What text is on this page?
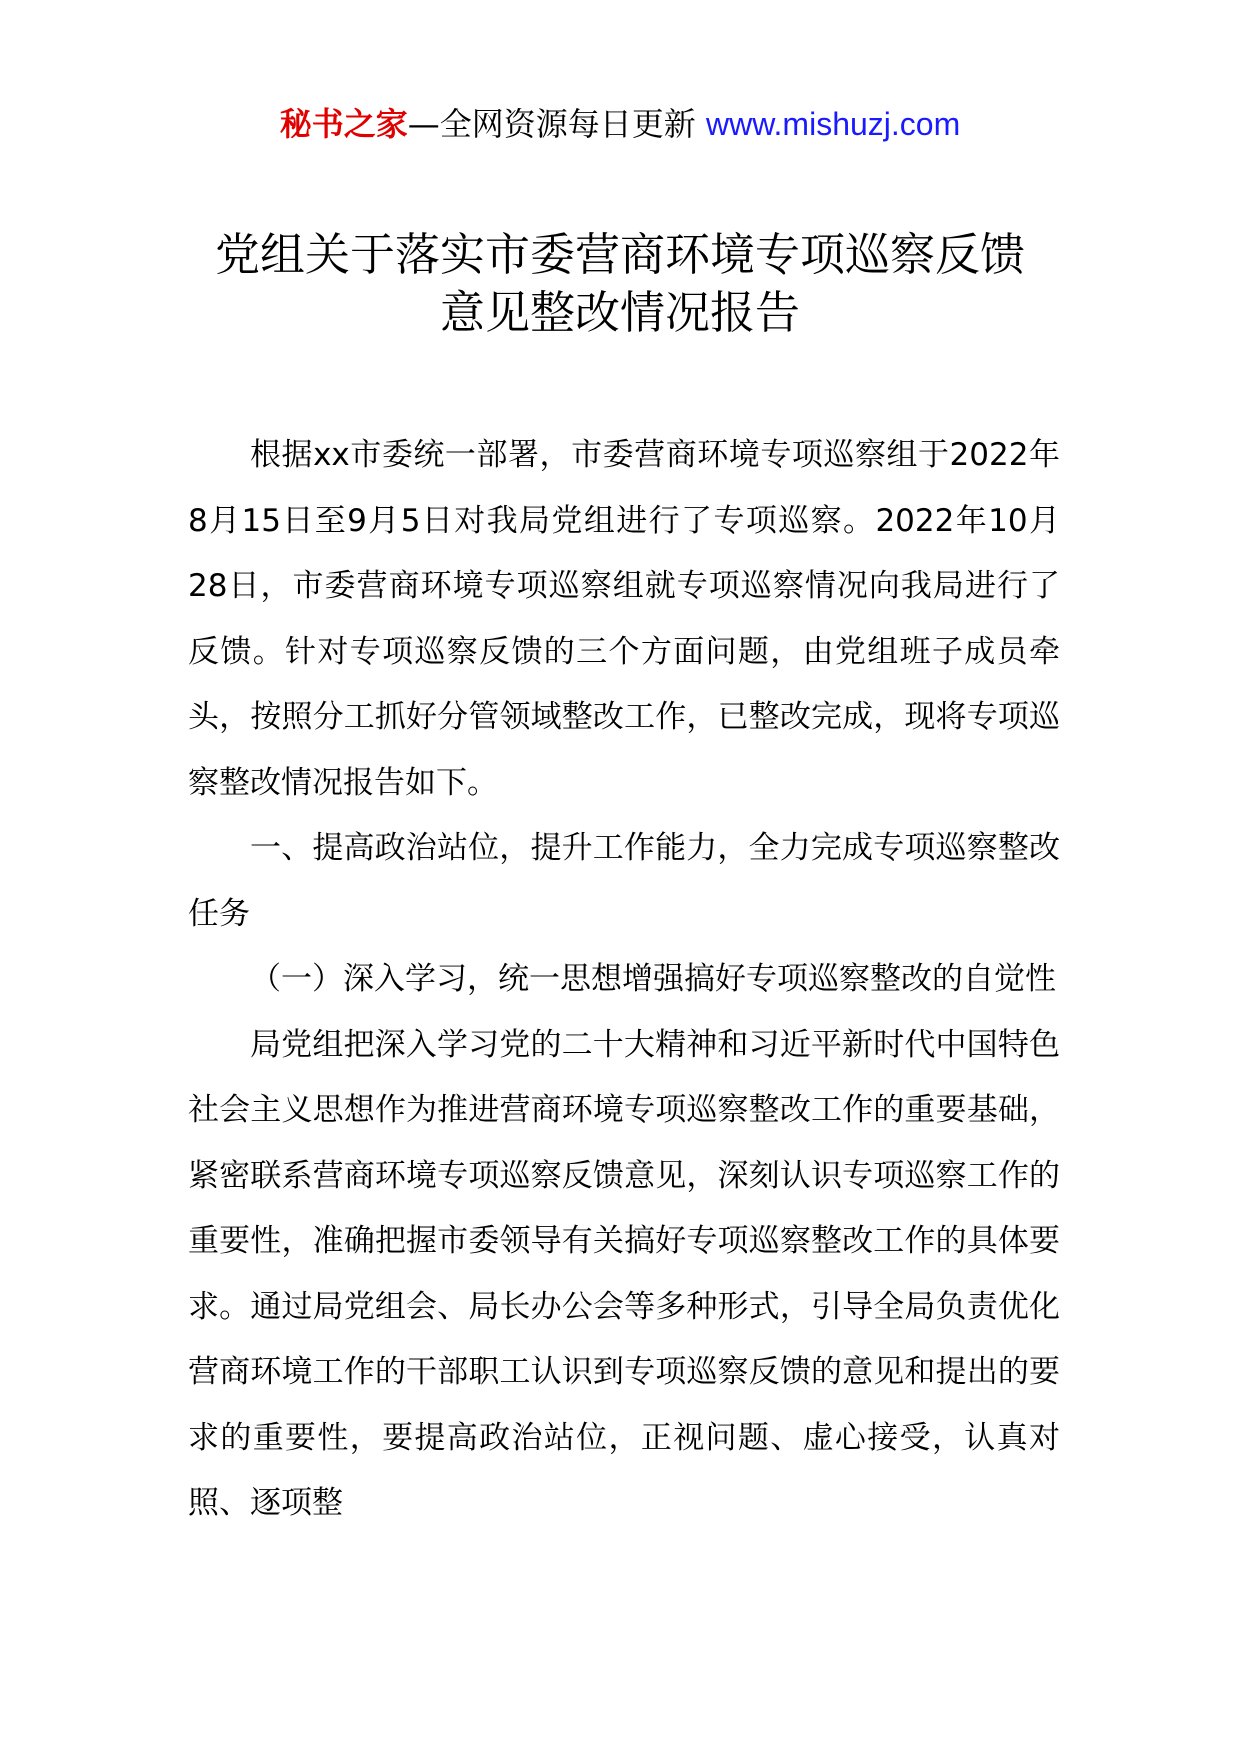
秘书之家—全网资源每日更新 www.mishuzj.com
党组关于落实市委营商环境专项巡察反馈
意见整改情况报告

根据xx市委统一部署，市委营商环境专项巡察组于2022年8月15日至9月5日对我局党组进行了专项巡察。2022年10月28日，市委营商环境专项巡察组就专项巡察情况向我局进行了反馈。针对专项巡察反馈的三个方面问题，由党组班子成员牵头，按照分工抓好分管领域整改工作，已整改完成，现将专项巡察整改情况报告如下。

一、提高政治站位，提升工作能力，全力完成专项巡察整改任务

（一）深入学习，统一思想增强搞好专项巡察整改的自觉性

局党组把深入学习党的二十大精神和习近平新时代中国特色社会主义思想作为推进营商环境专项巡察整改工作的重要基础，紧密联系营商环境专项巡察反馈意见，深刻认识专项巡察工作的重要性，准确把握市委领导有关搞好专项巡察整改工作的具体要求。通过局党组会、局长办公会等多种形式，引导全局负责优化营商环境工作的干部职工认识到专项巡察反馈的意见和提出的要求的重要性，要提高政治站位，正视问题、虚心接受，认真对照、逐项整
